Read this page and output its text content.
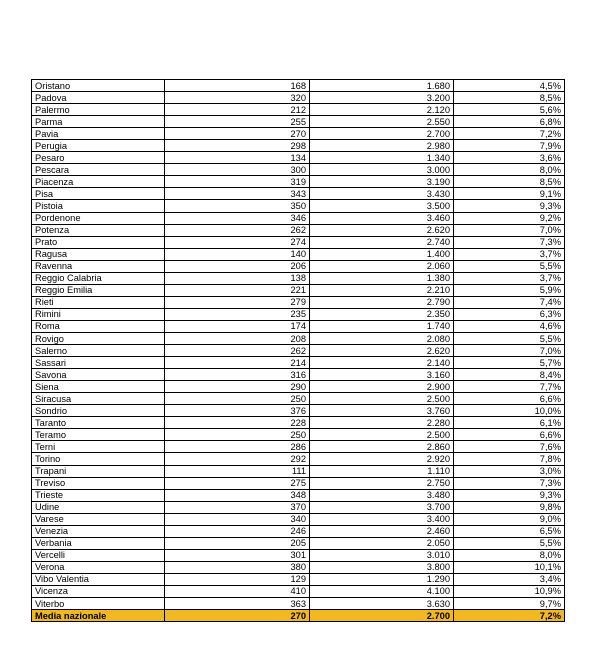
Oristano	168	1.680	4,5%
Padova	320	3.200	8,5%
Palermo	212	2.120	5,6%
Parma	255	2.550	6,8%
Pavia	270	2.700	7,2%
Perugia	298	2.980	7,9%
Pesaro	134	1.340	3,6%
Pescara	300	3.000	8,0%
Piacenza	319	3.190	8,5%
Pisa	343	3.430	9,1%
Pistoia	350	3.500	9,3%
Pordenone	346	3.460	9,2%
Potenza	262	2.620	7,0%
Prato	274	2.740	7,3%
Ragusa	140	1.400	3,7%
Ravenna	206	2.060	5,5%
Reggio Calabria	138	1.380	3,7%
Reggio Emilia	221	2.210	5,9%
Rieti	279	2.790	7,4%
Rimini	235	2.350	6,3%
Roma	174	1.740	4,6%
Rovigo	208	2.080	5,5%
Salerno	262	2.620	7,0%
Sassari	214	2.140	5,7%
Savona	316	3.160	8,4%
Siena	290	2.900	7,7%
Siracusa	250	2.500	6,6%
Sondrio	376	3.760	10,0%
Taranto	228	2.280	6,1%
Teramo	250	2.500	6,6%
Terni	286	2.860	7,6%
Torino	292	2.920	7,8%
Trapani	111	1.110	3,0%
Treviso	275	2.750	7,3%
Trieste	348	3.480	9,3%
Udine	370	3.700	9,8%
Varese	340	3.400	9,0%
Venezia	246	2.460	6,5%
Verbania	205	2.050	5,5%
Vercelli	301	3.010	8,0%
Verona	380	3.800	10,1%
Vibo Valentia	129	1.290	3,4%
Vicenza	410	4.100	10,9%
Viterbo	363	3.630	9,7%
Media nazionale	270	2.700	7,2%
